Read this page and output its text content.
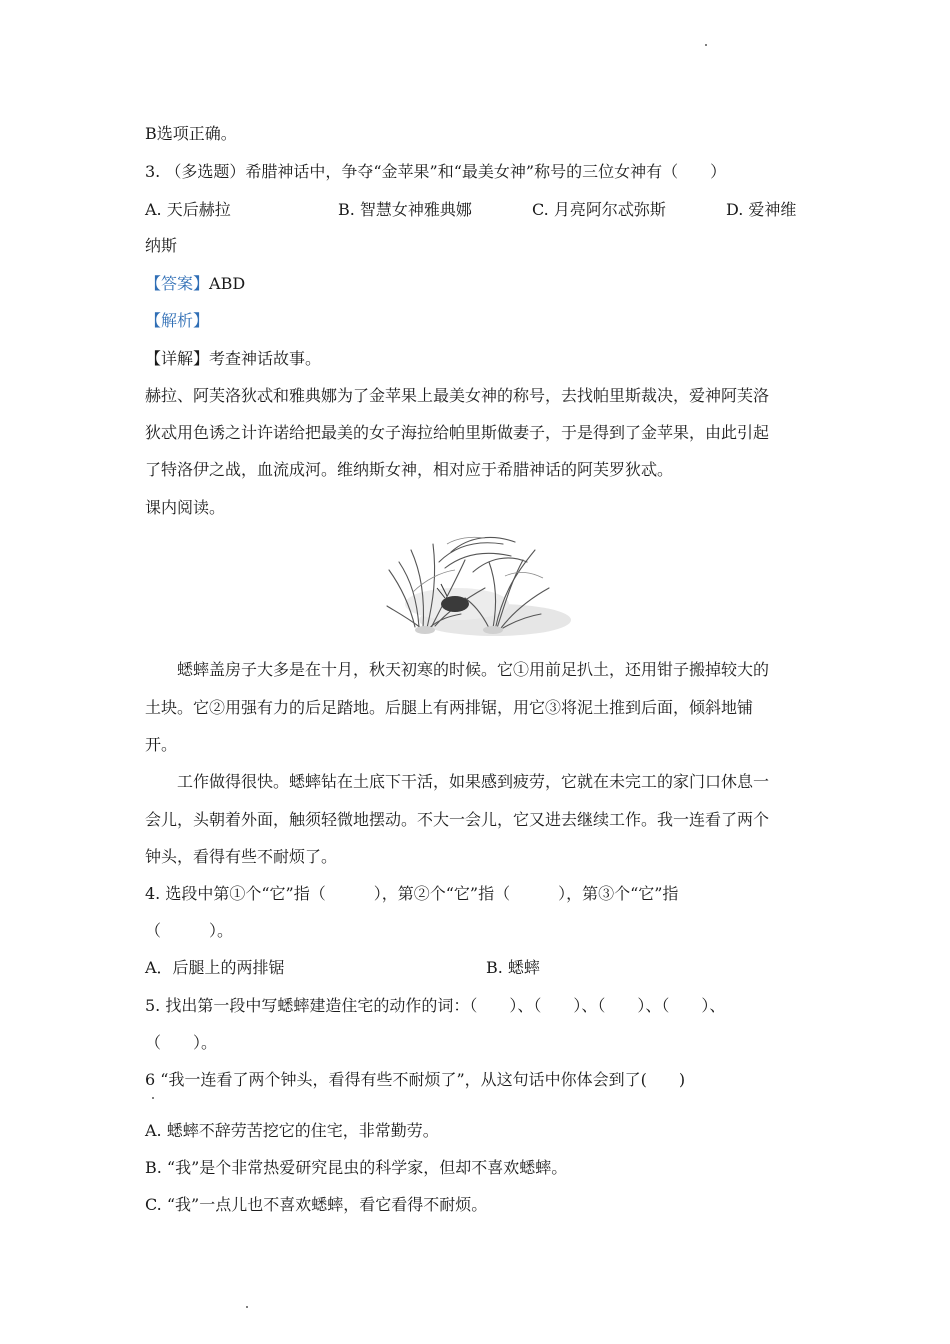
B选项正确。
3. （多选题）希腊神话中，争夺“金苹果”和“最美女神”称号的三位女神有（　　）
A. 天后赫拉	B. 智慧女神雅典娜	C. 月亮阿尔忒弥斯	D. 爱神维
纳斯
【答案】ABD
【解析】
【详解】考查神话故事。
赫拉、阿芙洛狄忒和雅典娜为了金苹果上最美女神的称号，去找帕里斯裁决，爱神阿芙洛
狄忒用色诱之计许诺给把最美的女子海拉给帕里斯做妻子，于是得到了金苹果，由此引起
了特洛伊之战，血流成河。维纳斯女神，相对应于希腊神话的阿芙罗狄忒。
课内阅读。
蟋蟀盖房子大多是在十月，秋天初寒的时候。它①用前足扒土，还用钳子搬掉较大的
土块。它②用强有力的后足踏地。后腿上有两排锯，用它③将泥土推到后面，倾斜地铺
开。
工作做得很快。蟋蟀钻在土底下干活，如果感到疲劳，它就在未完工的家门口休息一
会儿，头朝着外面，触须轻微地摆动。不大一会儿，它又进去继续工作。我一连看了两个
钟头，看得有些不耐烦了。
4. 选段中第①个“它”指（　　　），第②个“它”指（　　　），第③个“它”指
（　　　）。
A．后腿上的两排锯	B. 蟋蟀
5. 找出第一段中写蟋蟀建造住宅的动作的词：（　　）、（　　）、（　　）、（　　）、
（　　）。
6 “我一连看了两个钟头，看得有些不耐烦了”，从这句话中你体会到了(　　)
A. 蟋蟀不辞劳苦挖它的住宅，非常勤劳。
B. “我”是个非常热爱研究昆虫的科学家，但却不喜欢蟋蟀。
C. “我”一点儿也不喜欢蟋蟀，看它看得不耐烦。
